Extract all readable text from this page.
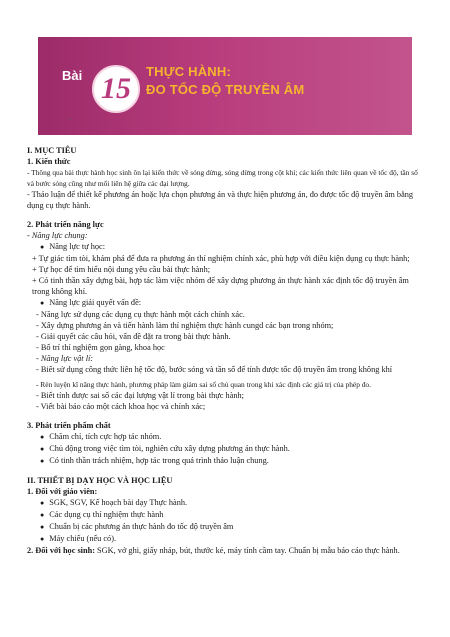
Bài 15
THỰC HÀNH:
ĐO TỐC ĐỘ TRUYỀN ÂM
–

I. MỤC TIÊU

1. Kiến thức

- Thông qua bài thực hành học sinh ôn lại kiến thức về sóng dừng, sóng dừng trong cột khí; các kiến thức liên quan về tốc độ, tần số và bước sóng cũng như mối liên hệ giữa các đại lượng.

- Thảo luận để thiết kế phương án hoặc lựa chọn phương án và thực hiện phương án, đo được tốc độ truyền âm bằng dụng cụ thực hành.

2. Phát triển năng lực

- Năng lực chung:

● Năng lực tự học:

+ Tự giác tìm tòi, khám phá để đưa ra phương án thí nghiệm chính xác, phù hợp với điều kiện dụng cụ thực hành;

+ Tự học để tìm hiểu nội dung yêu cầu bài thực hành;

+ Có tinh thần xây dựng bài, hợp tác làm việc nhóm để xây dựng phương án thực hành xác định tốc độ truyền âm trong không khí.

● Năng lực giải quyết vấn đề:

- Năng lực sử dụng các dụng cụ thực hành một cách chính xác.

- Xây dựng phương án và tiến hành làm thí nghiệm thực hành cungd các bạn trong nhóm;

- Giải quyết các câu hỏi, vấn đề đặt ra trong bài thực hành.

- Bố trí thí nghiệm gọn gàng, khoa học

- Năng lực vật lí:

- Biết sử dụng công thức liên hệ tốc độ, bước sóng và tần số để tính được tốc độ truyền âm trong không khí

- Rèn luyện kĩ năng thực hành, phương pháp làm giảm sai số chủ quan trong khi xác định các giá trị của phép đo.

- Biết tính được sai số các đại lượng vật lí trong bài thực hành;

- Viết bài báo cáo một cách khoa học và chính xác;

3. Phát triển phẩm chất

● Chăm chỉ, tích cực hợp tác nhóm.

● Chủ động trong việc tìm tòi, nghiên cứu xây dựng phương án thực hành.

● Có tinh thần trách nhiệm, hợp tác trong quá trình thảo luận chung.

II. THIẾT BỊ DẠY HỌC VÀ HỌC LIỆU

1. Đối với giáo viên:

● SGK, SGV, Kế hoạch bài dạy Thực hành.

● Các dụng cụ thí nghiệm thực hành

● Chuẩn bị các phương án thực hành đo tốc độ truyền âm

● Máy chiếu (nếu có).

2. Đối với học sinh: SGK, vở ghi, giấy nháp, bút, thước kẻ, máy tính cầm tay. Chuẩn bị mẫu báo cáo thực hành.
